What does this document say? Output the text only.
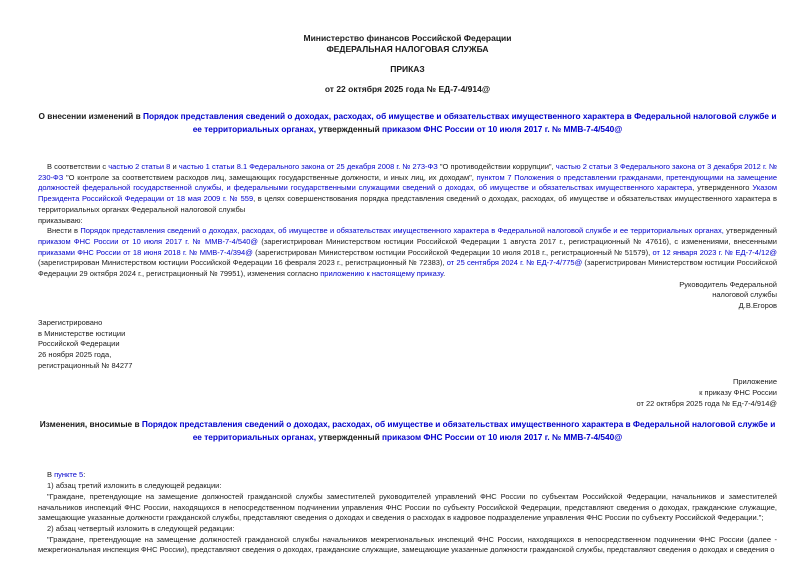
Министерство финансов Российской Федерации
ФЕДЕРАЛЬНАЯ НАЛОГОВАЯ СЛУЖБА
ПРИКАЗ
от 22 октября 2025 года № ЕД-7-4/914@
О внесении изменений в Порядок представления сведений о доходах, расходах, об имуществе и обязательствах имущественного характера в Федеральной налоговой службе и ее территориальных органах, утвержденный приказом ФНС России от 10 июля 2017 г. № ММВ-7-4/540@

В соответствии с частью 2 статьи 8 и частью 1 статьи 8.1 Федерального закона от 25 декабря 2008 г. № 273-ФЗ "О противодействии коррупции", частью 2 статьи 3 Федерального закона от 3 декабря 2012 г. № 230-ФЗ "О контроле за соответствием расходов лиц, замещающих государственные должности, и иных лиц, их доходам", пунктом 7 Положения о представлении гражданами, претендующими на замещение должностей федеральной государственной службы, и федеральными государственными служащими сведений о доходах, об имуществе и обязательствах имущественного характера, утвержденного Указом Президента Российской Федерации от 18 мая 2009 г. № 559, в целях совершенствования порядка представления сведений о доходах, расходах, об имуществе и обязательствах имущественного характера в территориальных органах Федеральной налоговой службы

приказываю:

Внести в Порядок представления сведений о доходах, расходах, об имуществе и обязательствах имущественного характера в Федеральной налоговой службе и ее территориальных органах, утвержденный приказом ФНС России от 10 июля 2017 г. № ММВ-7-4/540@ (зарегистрирован Министерством юстиции Российской Федерации 1 августа 2017 г., регистрационный № 47616), с изменениями, внесенными приказами ФНС России от 18 июня 2018 г. № ММВ-7-4/394@ (зарегистрирован Министерством юстиции Российской Федерации 10 июля 2018 г., регистрационный № 51579), от 12 января 2023 г. № ЕД-7-4/12@ (зарегистрирован Министерством юстиции Российской Федерации 16 февраля 2023 г., регистрационный № 72383), от 25 сентября 2024 г. № ЕД-7-4/775@ (зарегистрирован Министерством юстиции Российской Федерации 29 октября 2024 г., регистрационный № 79951), изменения согласно приложению к настоящему приказу.

Руководитель Федеральной
налоговой службы
Д.В.Егоров
Зарегистрировано
в Министерстве юстиции
Российской Федерации
26 ноября 2025 года,
регистрационный № 84277
Приложение
к приказу ФНС России
от 22 октября 2025 года № Ед-7-4/914@
Изменения, вносимые в Порядок представления сведений о доходах, расходах, об имуществе и обязательствах имущественного характера в Федеральной налоговой службе и ее территориальных органах, утвержденный приказом ФНС России от 10 июля 2017 г. № ММВ-7-4/540@

В пункте 5:

1) абзац третий изложить в следующей редакции:

"Граждане, претендующие на замещение должностей гражданской службы заместителей руководителей управлений ФНС России по субъектам Российской Федерации, начальников и заместителей начальников инспекций ФНС России, находящихся в непосредственном подчинении управления ФНС России по субъекту Российской Федерации, представляют сведения о доходах, гражданские служащие, замещающие указанные должности гражданской службы, представляют сведения о доходах и сведения о расходах в кадровое подразделение управления ФНС России по субъекту Российской Федерации.";

2) абзац четвертый изложить в следующей редакции:

"Граждане, претендующие на замещение должностей гражданской службы начальников межрегиональных инспекций ФНС России, находящихся в непосредственном подчинении ФНС России (далее - межрегиональная инспекция ФНС России), представляют сведения о доходах, гражданские служащие, замещающие указанные должности гражданской службы, представляют сведения о доходах и сведения о
